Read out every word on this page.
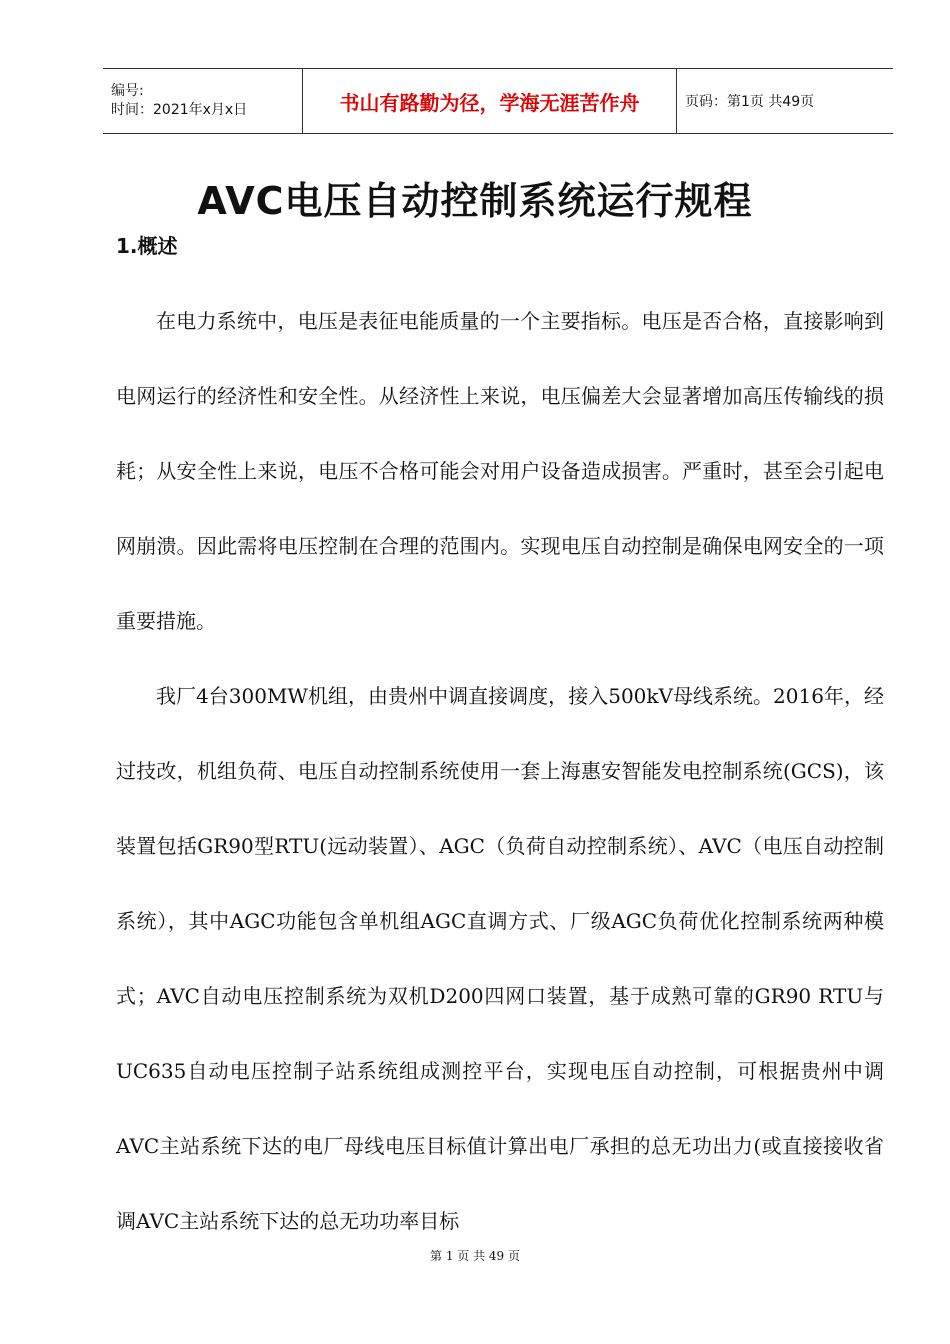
编号:
时间：2021年x月x日	书山有路勤为径，学海无涯苦作舟	页码：第1页 共49页
AVC电压自动控制系统运行规程
1.概述

在电力系统中，电压是表征电能质量的一个主要指标。电压是否合格，直接影响到电网运行的经济性和安全性。从经济性上来说，电压偏差大会显著增加高压传输线的损耗；从安全性上来说，电压不合格可能会对用户设备造成损害。严重时，甚至会引起电网崩溃。因此需将电压控制在合理的范围内。实现电压自动控制是确保电网安全的一项重要措施。

我厂4台300MW机组，由贵州中调直接调度，接入500kV母线系统。2016年，经过技改，机组负荷、电压自动控制系统使用一套上海惠安智能发电控制系统(GCS)，该装置包括GR90型RTU(远动装置）、AGC（负荷自动控制系统）、AVC（电压自动控制系统），其中AGC功能包含单机组AGC直调方式、厂级AGC负荷优化控制系统两种模式；AVC自动电压控制系统为双机D200四网口装置，基于成熟可靠的GR90 RTU与UC635自动电压控制子站系统组成测控平台，实现电压自动控制，可根据贵州中调AVC主站系统下达的电厂母线电压目标值计算出电厂承担的总无功出力(或直接接收省调AVC主站系统下达的总无功功率目标

第 1 页 共 49 页
